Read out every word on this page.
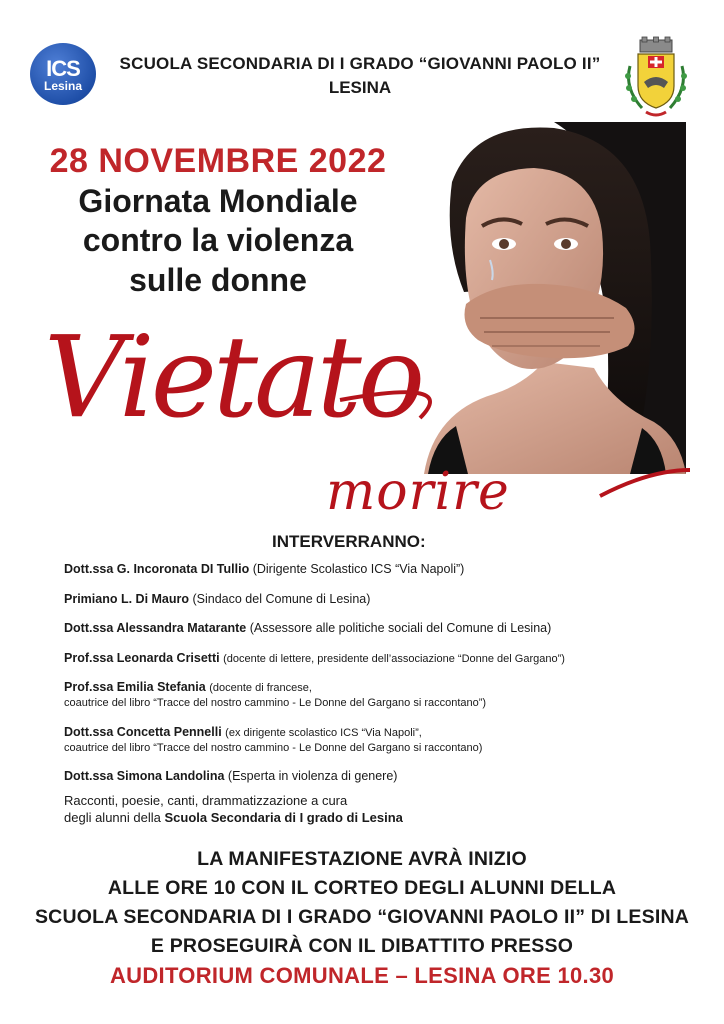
ICS
Lesina
SCUOLA SECONDARIA DI I GRADO “GIOVANNI PAOLO II”
LESINA
28 NOVEMBRE 2022
Giornata Mondiale
contro la violenza
sulle donne
Vietato
morire
INTERVERRANNO:
Dott.ssa G. Incoronata DI Tullio (Dirigente Scolastico ICS “Via Napoli”)
Primiano L. Di Mauro (Sindaco del Comune di Lesina)
Dott.ssa Alessandra Matarante (Assessore alle politiche sociali del Comune di Lesina)
Prof.ssa Leonarda Crisetti (docente di lettere, presidente dell’associazione “Donne del Gargano”)
Prof.ssa Emilia Stefania (docente di francese,
coautrice del libro “Tracce del nostro cammino - Le Donne del Gargano si raccontano”)
Dott.ssa Concetta Pennelli (ex dirigente scolastico ICS “Via Napoli”,
coautrice del libro “Tracce del nostro cammino - Le Donne del Gargano si raccontano)
Dott.ssa Simona Landolina (Esperta in violenza di genere)
Racconti, poesie, canti, drammatizzazione a cura
degli alunni della Scuola Secondaria di I grado di Lesina
LA MANIFESTAZIONE AVRÀ INIZIO
ALLE ORE 10 CON IL CORTEO DEGLI ALUNNI DELLA
SCUOLA SECONDARIA DI I GRADO “GIOVANNI PAOLO II” DI LESINA
E PROSEGUIRÀ CON IL DIBATTITO PRESSO
AUDITORIUM COMUNALE – LESINA ORE 10.30
